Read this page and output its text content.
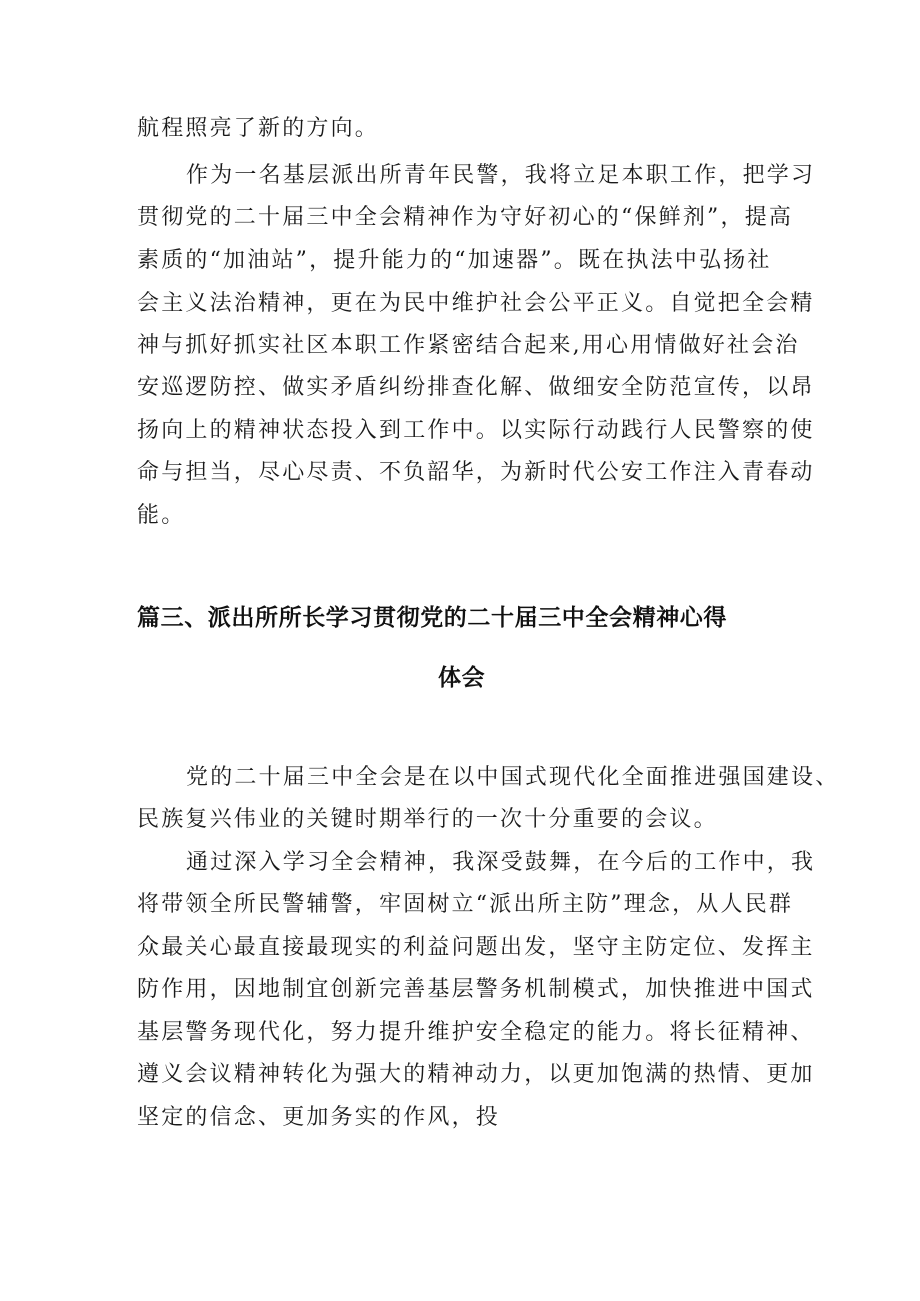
航程照亮了新的方向。
作为一名基层派出所青年民警，我将立足本职工作，把学习
贯彻党的二十届三中全会精神作为守好初心的“保鲜剂”，提高
素质的“加油站”，提升能力的“加速器”。既在执法中弘扬社
会主义法治精神，更在为民中维护社会公平正义。自觉把全会精
神与抓好抓实社区本职工作紧密结合起来,用心用情做好社会治
安巡逻防控、做实矛盾纠纷排查化解、做细安全防范宣传，以昂
扬向上的精神状态投入到工作中。以实际行动践行人民警察的使
命与担当，尽心尽责、不负韶华，为新时代公安工作注入青春动
能。
篇三、派出所所长学习贯彻党的二十届三中全会精神心得
体会
党的二十届三中全会是在以中国式现代化全面推进强国建设、
民族复兴伟业的关键时期举行的一次十分重要的会议。
通过深入学习全会精神，我深受鼓舞，在今后的工作中，我
将带领全所民警辅警，牢固树立“派出所主防”理念，从人民群
众最关心最直接最现实的利益问题出发，坚守主防定位、发挥主
防作用，因地制宜创新完善基层警务机制模式，加快推进中国式
基层警务现代化，努力提升维护安全稳定的能力。将长征精神、
遵义会议精神转化为强大的精神动力，以更加饱满的热情、更加
坚定的信念、更加务实的作风，投
